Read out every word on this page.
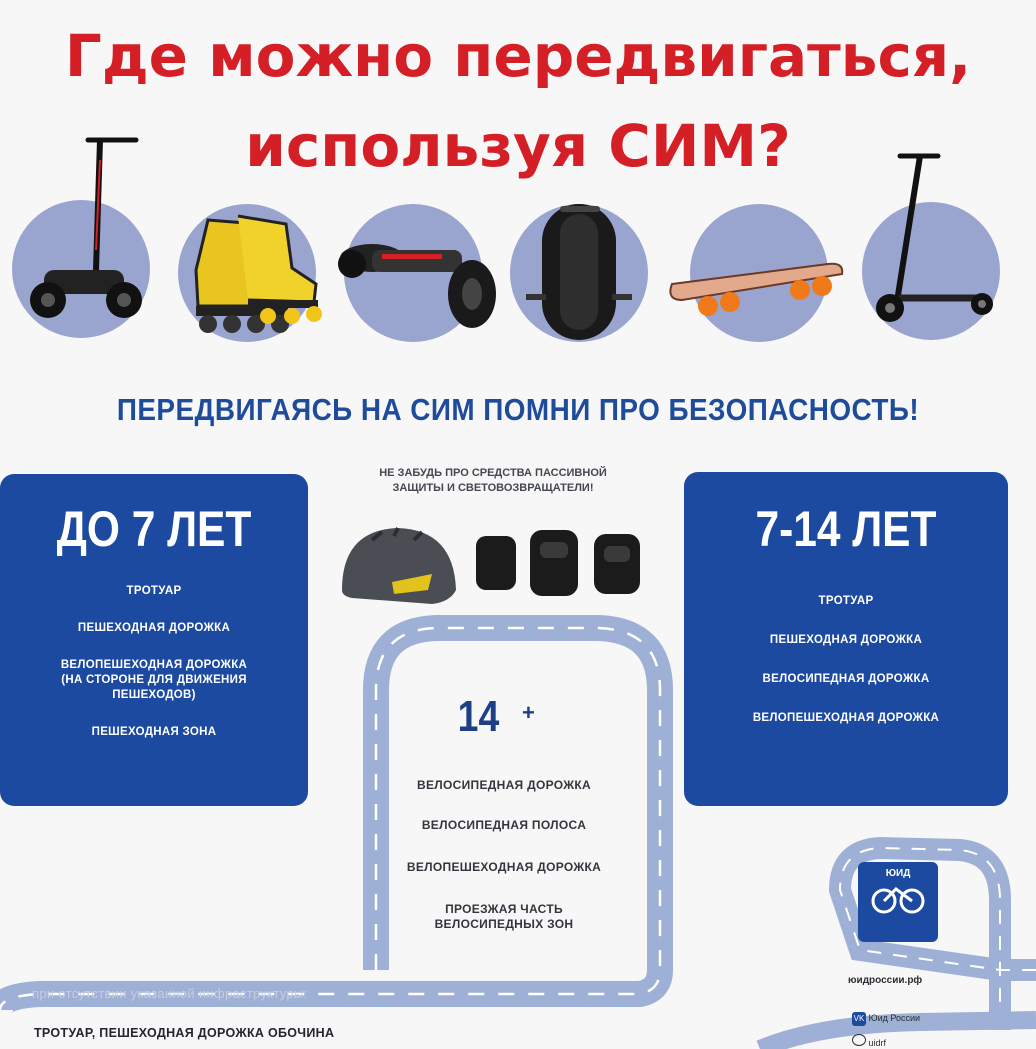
Где можно передвигаться,
используя СИМ?
ПЕРЕДВИГАЯСЬ НА СИМ ПОМНИ ПРО БЕЗОПАСНОСТЬ!
НЕ ЗАБУДЬ ПРО СРЕДСТВА ПАССИВНОЙ
ЗАЩИТЫ И СВЕТОВОЗВРАЩАТЕЛИ!
ДО 7 ЛЕТ
ТРОТУАР
ПЕШЕХОДНАЯ ДОРОЖКА
ВЕЛОПЕШЕХОДНАЯ ДОРОЖКА
(НА СТОРОНЕ ДЛЯ ДВИЖЕНИЯ
ПЕШЕХОДОВ)
ПЕШЕХОДНАЯ ЗОНА
7-14 ЛЕТ
ТРОТУАР
ПЕШЕХОДНАЯ ДОРОЖКА
ВЕЛОСИПЕДНАЯ ДОРОЖКА
ВЕЛОПЕШЕХОДНАЯ ДОРОЖКА
14 +
ВЕЛОСИПЕДНАЯ ДОРОЖКА
ВЕЛОСИПЕДНАЯ ПОЛОСА
ВЕЛОПЕШЕХОДНАЯ ДОРОЖКА
ПРОЕЗЖАЯ ЧАСТЬ
ВЕЛОСИПЕДНЫХ ЗОН
при отсутствии указанной инфраструктуры:
ТРОТУАР, ПЕШЕХОДНАЯ ДОРОЖКА ОБОЧИНА
ЮИД
юидроссии.рф
VK Юид России
uidrf
